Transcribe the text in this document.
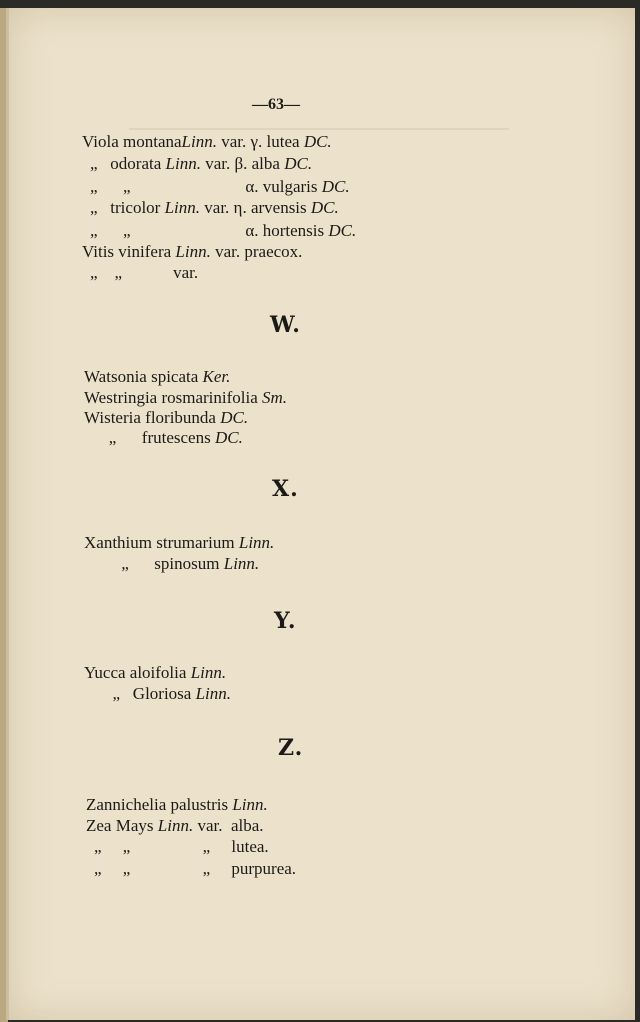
—63—
Viola montanaLinn. var. γ. lutea DC.
„   odorata Linn. var. β. alba DC.
„      „                           α. vulgaris DC.
„   tricolor Linn. var. η. arvensis DC.
„      „                           α. hortensis DC.
Vitis vinifera Linn. var. praecox.
„    „            var.
W.
Watsonia spicata Ker.
Westringia rosmarinifolia Sm.
Wisteria floribunda DC.
„      frutescens DC.
X.
Xanthium strumarium Linn.
„      spinosum Linn.
Y.
Yucca aloifolia Linn.
„   Gloriosa Linn.
Z.
Zannichelia palustris Linn.
Zea Mays Linn. var.  alba.
„     „                 „     lutea.
„     „                 „     purpurea.
